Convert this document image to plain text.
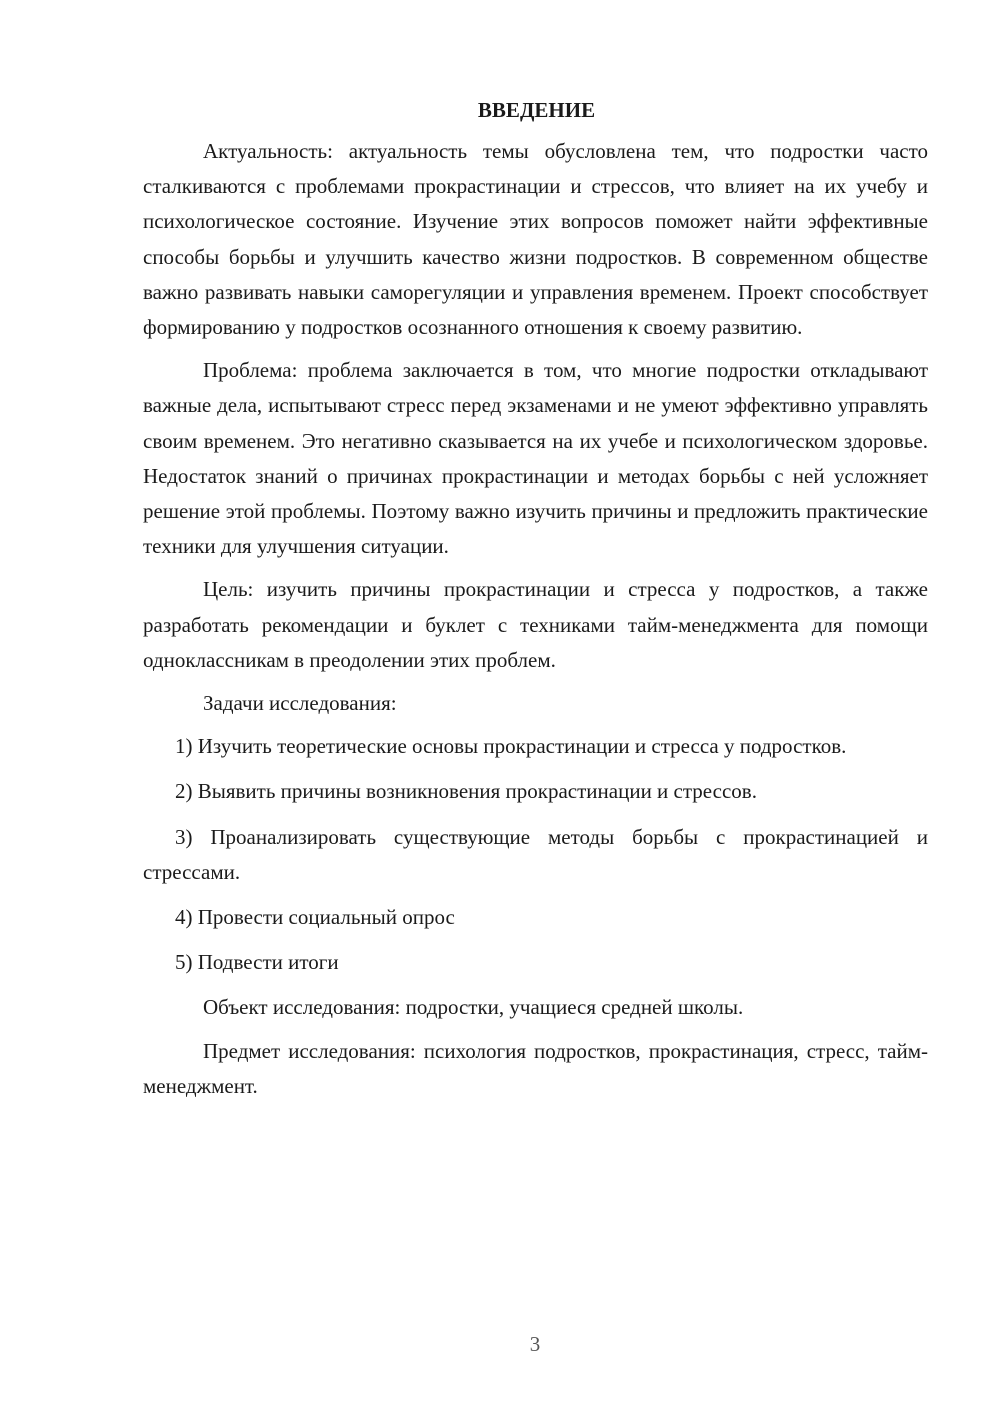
ВВЕДЕНИЕ

Актуальность: актуальность темы обусловлена тем, что подростки часто сталкиваются с проблемами прокрастинации и стрессов, что влияет на их учебу и психологическое состояние. Изучение этих вопросов поможет найти эффективные способы борьбы и улучшить качество жизни подростков. В современном обществе важно развивать навыки саморегуляции и управления временем. Проект способствует формированию у подростков осознанного отношения к своему развитию.

Проблема: проблема заключается в том, что многие подростки откладывают важные дела, испытывают стресс перед экзаменами и не умеют эффективно управлять своим временем. Это негативно сказывается на их учебе и психологическом здоровье. Недостаток знаний о причинах прокрастинации и методах борьбы с ней усложняет решение этой проблемы. Поэтому важно изучить причины и предложить практические техники для улучшения ситуации.

Цель: изучить причины прокрастинации и стресса у подростков, а также разработать рекомендации и буклет с техниками тайм-менеджмента для помощи одноклассникам в преодолении этих проблем.

Задачи исследования:

1) Изучить теоретические основы прокрастинации и стресса у подростков.

2) Выявить причины возникновения прокрастинации и стрессов.

3) Проанализировать существующие методы борьбы с прокрастинацией и стрессами.

4) Провести социальный опрос

5) Подвести итоги

Объект исследования: подростки, учащиеся средней школы.

Предмет исследования: психология подростков, прокрастинация, стресс, тайм-менеджмент.

3
